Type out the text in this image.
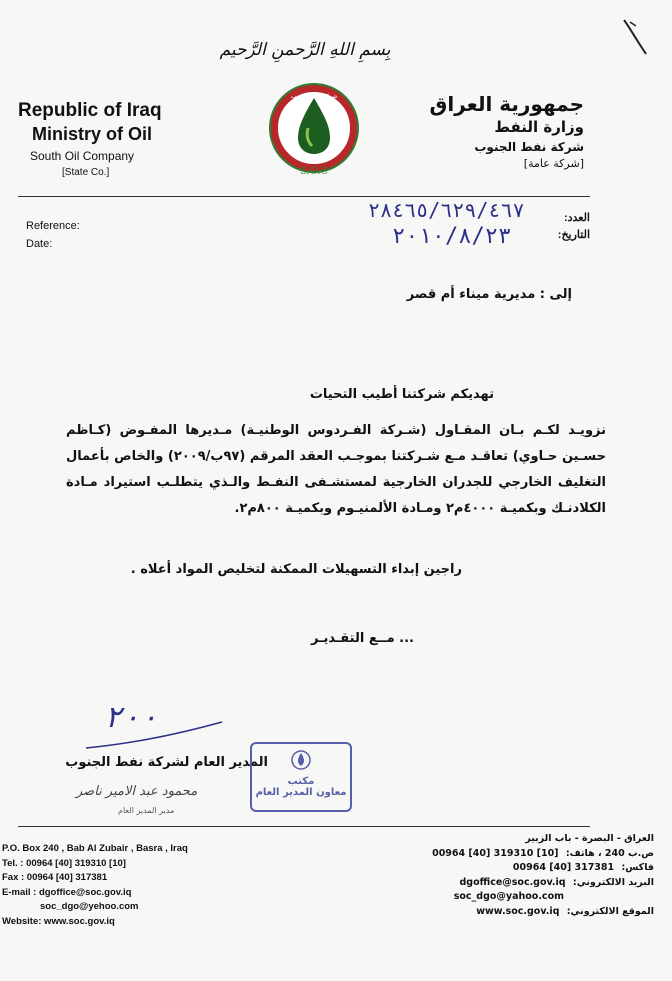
بِسمِ اللهِ الرَّحمنِ الرَّحيم
Republic of Iraq
Ministry of Oil
South Oil Company
[State Co.]	S.O.C
شركة نفط الجنوب	جمهورية العراق
وزارة النفط
شركة نفط الجنوب
[شركة عامة]
Reference:
Date:
العدد:
التاريخ:
٢٨٤٦٥/٦٢٩/٤٦٧
٢٠١٠/٨/٢٣
إلى : مديرية ميناء أم قصر
تهديكم شركتنا أطيب التحيات
نزويـد لكـم بـان المقـاول (شـركة الفـردوس الوطنيـة) مـديرها المفـوض (كـاظم حسـين حـاوي) تعاقـد مـع شـركتنا بموجـب العقد المرقم (٩٧ب/٢٠٠٩) والخاص بأعمال التغليف الخارجي للجدران الخارجية لمستشـفى النفـط والـذي يتطلـب استيراد مـادة الكلادنـك وبكميـة ٤٠٠٠م٢ ومـادة الألمنيـوم وبكميـة ٨٠٠م٢.
راجين إبداء التسهيلات الممكنة لتخليص المواد أعلاه .
... مــع التقـديـر
٢٠٠
المدير العام لشركة نفط الجنوب
مكتب
معاون المدير العام
محمود عبد الامير ناصر
مدير المدير العام
P.O. Box 240 , Bab Al Zubair , Basra , Iraq
Tel. : 00964 [40] 319310 [10]
Fax : 00964 [40] 317381
E-mail : dgoffice@soc.gov.iq
soc_dgo@yehoo.com
Website: www.soc.gov.iq
العراق - البصرة - باب الزبير
ص.ب 240 ، هاتف: 00964 [40] 319310 [10]
فاكس: 00964 [40] 317381
البريد الالكتروني: dgoffice@soc.gov.iq
soc_dgo@yahoo.com
الموقع الالكتروني: www.soc.gov.iq
